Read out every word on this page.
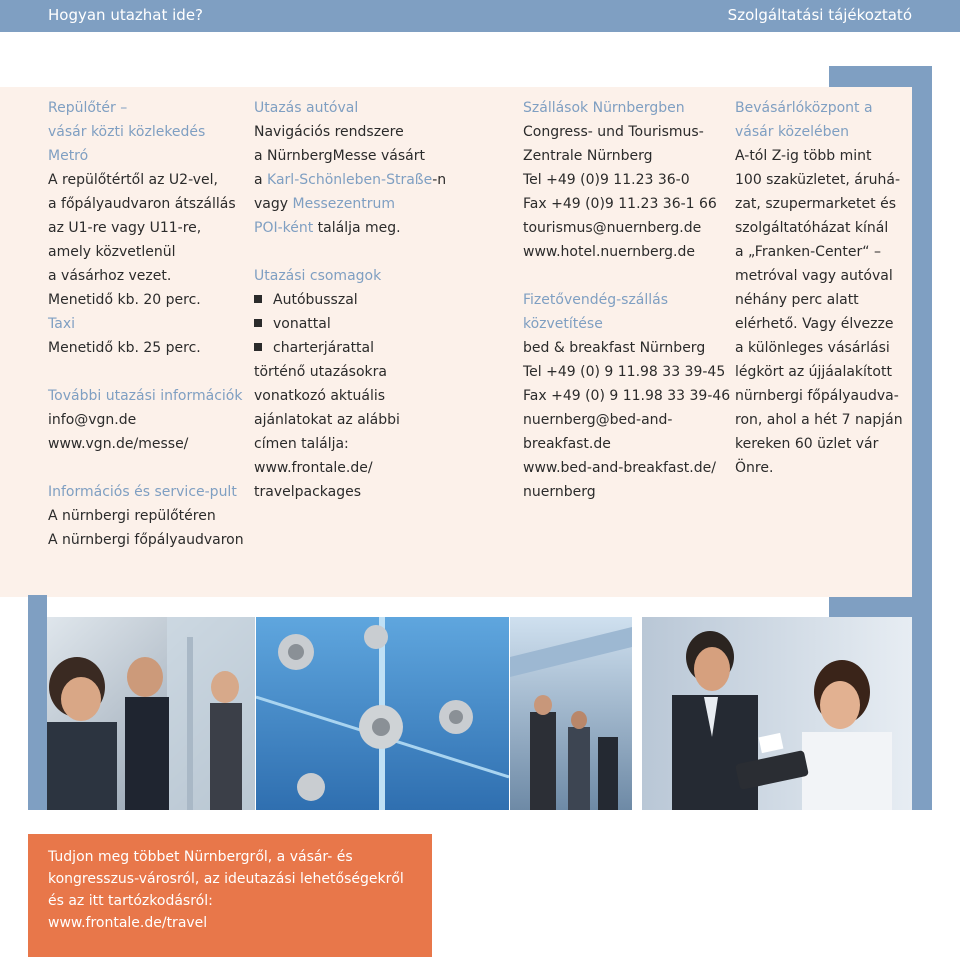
Hogyan utazhat ide?	Szolgáltatási tájékoztató
Repülőtér –
vásár közti közlekedés
Metró
A repülőtértől az U2-vel,
a főpályaudvaron átszállás
az U1-re vagy U11-re,
amely közvetlenül
a vásárhoz vezet.
Menetidő kb. 20 perc.
Taxi
Menetidő kb. 25 perc.

További utazási információk
info@vgn.de
www.vgn.de/messe/

Információs és service-pult
A nürnbergi repülőtéren
A nürnbergi főpályaudvaron
Utazás autóval
Navigációs rendszere
a NürnbergMesse vásárt
a Karl-Schönleben-Straße-n
vagy Messezentrum
POI-ként találja meg.

Utazási csomagok
Autóbusszal
vonattal
charterjárattal
történő utazásokra
vonatkozó aktuális
ajánlatokat az alábbi
címen találja:
www.frontale.de/
travelpackages
Szállások Nürnbergben
Congress- und Tourismus-
Zentrale Nürnberg
Tel +49 (0)9 11.23 36-0
Fax +49 (0)9 11.23 36-1 66
tourismus@nuernberg.de
www.hotel.nuernberg.de

Fizetővendég-szállás
közvetítése
bed & breakfast Nürnberg
Tel +49 (0) 9 11.98 33 39-45
Fax +49 (0) 9 11.98 33 39-46
nuernberg@bed-and-
breakfast.de
www.bed-and-breakfast.de/
nuernberg
Bevásárlóközpont a
vásár közelében
A-tól Z-ig több mint
100 szaküzletet, áruhá-
zat, szupermarketet és
szolgáltatóházat kínál
a „Franken-Center“ –
metróval vagy autóval
néhány perc alatt
elérhető. Vagy élvezze
a különleges vásárlási
légkört az újjáalakított
nürnbergi főpályaudva-
ron, ahol a hét 7 napján
kereken 60 üzlet vár
Önre.
Tudjon meg többet Nürnbergről, a vásár- és
kongresszus-városról, az ideutazási lehetőségekről
és az itt tartózkodásról:
www.frontale.de/travel
